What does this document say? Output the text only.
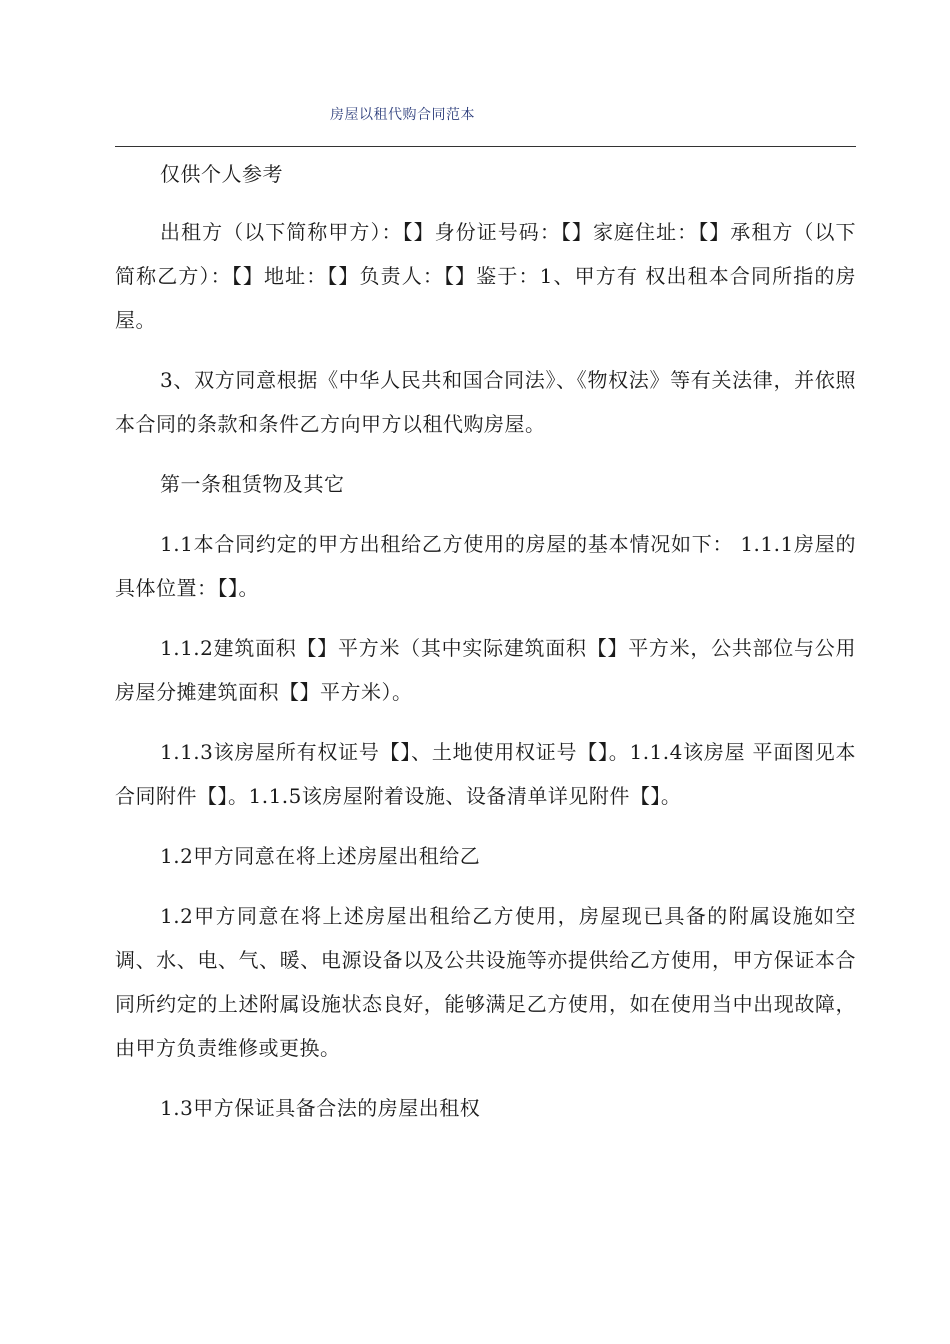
房屋以租代购合同范本

仅供个人参考

出租方（以下简称甲方）：【】身份证号码：【】家庭住址：【】承租方（以下简称乙方）：【】地址：【】负责人：【】鉴于：1、甲方有 权出租本合同所指的房屋。

3、双方同意根据《中华人民共和国合同法》、《物权法》等有关法律，并依照本合同的条款和条件乙方向甲方以租代购房屋。

第一条租赁物及其它

1.1本合同约定的甲方出租给乙方使用的房屋的基本情况如下： 1.1.1房屋的具体位置：【】。

1.1.2建筑面积【】平方米（其中实际建筑面积【】平方米，公共部位与公用房屋分摊建筑面积【】平方米）。

1.1.3该房屋所有权证号【】、土地使用权证号【】。1.1.4该房屋 平面图见本合同附件【】。1.1.5该房屋附着设施、设备清单详见附件【】。

1.2甲方同意在将上述房屋出租给乙

1.2甲方同意在将上述房屋出租给乙方使用，房屋现已具备的附属设施如空调、水、电、气、暖、电源设备以及公共设施等亦提供给乙方使用，甲方保证本合同所约定的上述附属设施状态良好，能够满足乙方使用，如在使用当中出现故障，由甲方负责维修或更换。

1.3甲方保证具备合法的房屋出租权
